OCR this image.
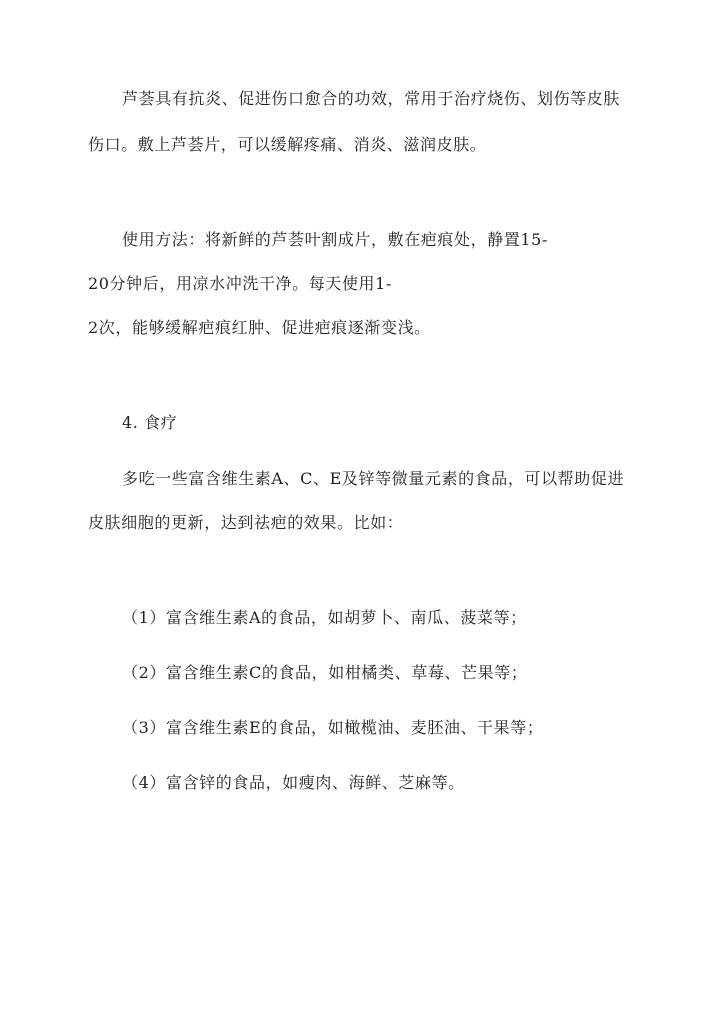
芦荟具有抗炎、促进伤口愈合的功效，常用于治疗烧伤、划伤等皮肤
伤口。敷上芦荟片，可以缓解疼痛、消炎、滋润皮肤。
使用方法：将新鲜的芦荟叶割成片，敷在疤痕处，静置15-
20分钟后，用凉水冲洗干净。每天使用1-
2次，能够缓解疤痕红肿、促进疤痕逐渐变浅。
4. 食疗
多吃一些富含维生素A、C、E及锌等微量元素的食品，可以帮助促进
皮肤细胞的更新，达到祛疤的效果。比如：
（1）富含维生素A的食品，如胡萝卜、南瓜、菠菜等；
（2）富含维生素C的食品，如柑橘类、草莓、芒果等；
（3）富含维生素E的食品，如橄榄油、麦胚油、干果等；
（4）富含锌的食品，如瘦肉、海鲜、芝麻等。
